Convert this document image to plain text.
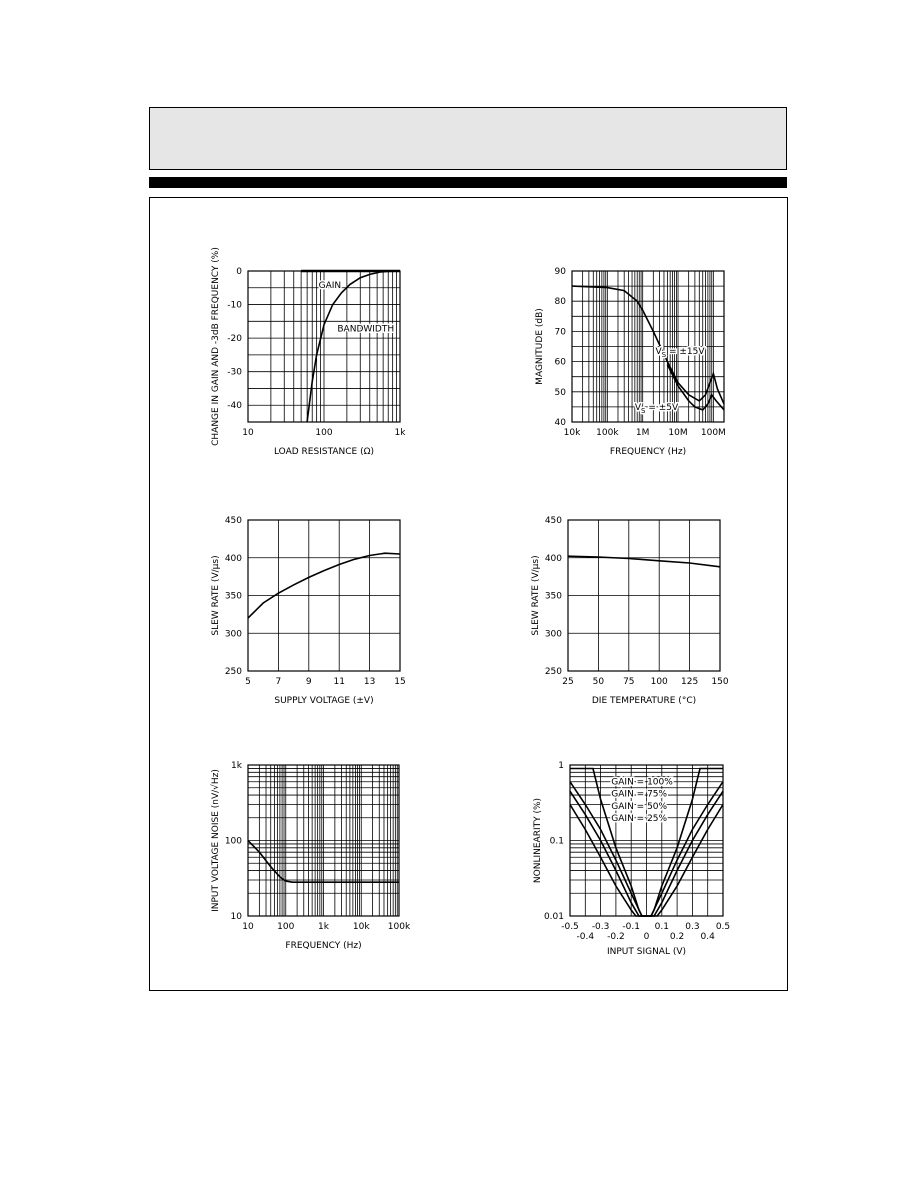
10	100	1k
0
-10
-20
-30
-40
LOAD RESISTANCE (Ω)
CHANGE IN GAIN AND -3dB FREQUENCY (%)	GAIN
BANDWIDTH
10k 100k 1M 10M 100M
40
50
60
70
80
90
FREQUENCY (Hz)
MAGNITUDE (dB)	$V_S = \pm 15V$
$V_S = \pm 5V$
5	7	9 11 13 15
250
300
350
400
450
SUPPLY VOLTAGE (±V)
SLEW RATE (V/μs)
25 50 75 100 125 150
250
300
350
400
450
DIE TEMPERATURE (°C)
SLEW RATE (V/μs)
10	100	1k	10k 100k
10
100
1k
FREQUENCY (Hz)
INPUT VOLTAGE NOISE (nV/√Hz)
-0.5
-0.4
-0.3
-0.2
-0.1
0
0.1
0.2
0.3
0.4
0.5
0.01
0.1
1
INPUT SIGNAL (V)
NONLINEARITY (%)
GAIN = 100%
GAIN = 75%
GAIN = 50%
GAIN = 25%
